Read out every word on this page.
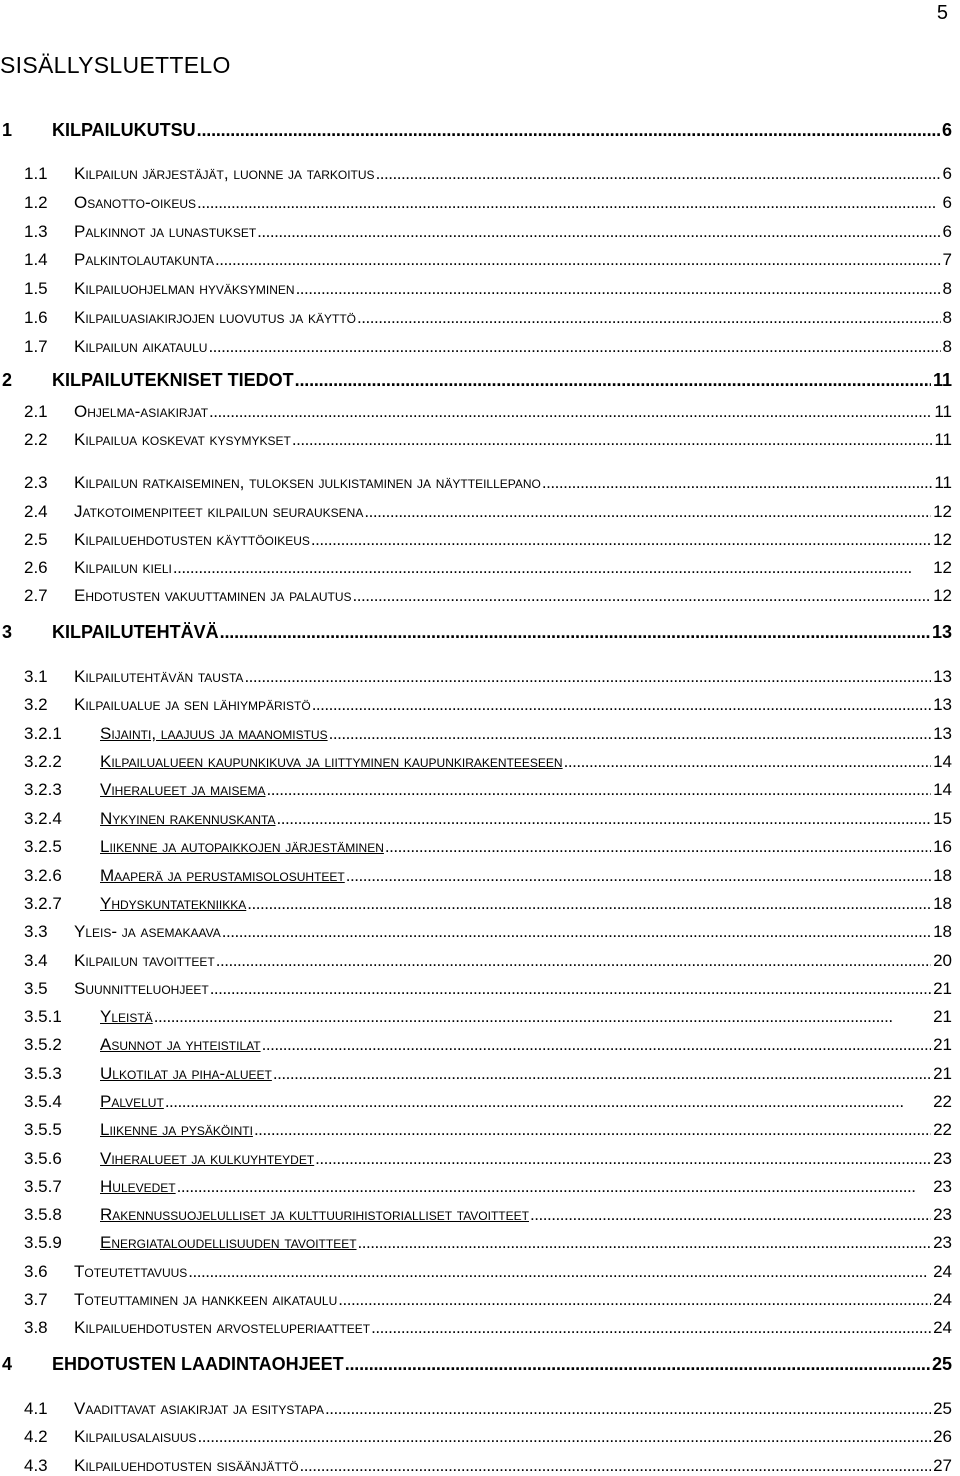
5
SISÄLLYSLUETTELO
1	KILPAILUKUTSU . . .	6
1.1	Kilpailun järjestäjät, luonne ja tarkoitus . . .	6
1.2	Osanotto-oikeus . . .	6
1.3	Palkinnot ja lunastukset . . .	6
1.4	Palkintolautakunta . . .	7
1.5	Kilpailuohjelman hyväksyminen . . .	8
1.6	Kilpailuasiakirjojen luovutus ja käyttö . . .	8
1.7	Kilpailun aikataulu . . .	8
2	KILPAILUTEKNISET TIEDOT . . .	11
2.1	Ohjelma-asiakirjat . . .	11
2.2	Kilpailua koskevat kysymykset . . .	11
2.3	Kilpailun ratkaiseminen, tuloksen julkistaminen ja näytteillepano . . .	11
2.4	Jatkotoimenpiteet kilpailun seurauksena . . .	12
2.5	Kilpailuehdotusten käyttöoikeus . . .	12
2.6	Kilpailun kieli . . .	12
2.7	Ehdotusten vakuuttaminen ja palautus . . .	12
3	KILPAILUTEHTÄVÄ . . .	13
3.1	Kilpailutehtävän tausta . . .	13
3.2	Kilpailualue ja sen lähiympäristö . . .	13
3.2.1	Sijainti, laajuus ja maanomistus . . .	13
3.2.2	Kilpailualueen kaupunkikuva ja liittyminen kaupunkirakenteeseen . . .	14
3.2.3	Viheralueet ja maisema . . .	14
3.2.4	Nykyinen rakennuskanta . . .	15
3.2.5	Liikenne ja autopaikkojen järjestäminen . . .	16
3.2.6	Maaperä ja perustamisolosuhteet . . .	18
3.2.7	Yhdyskuntatekniikka . . .	18
3.3	Yleis- ja asemakaava . . .	18
3.4	Kilpailun tavoitteet . . .	20
3.5	Suunnitteluohjeet . . .	21
3.5.1	Yleistä . . .	21
3.5.2	Asunnot ja yhteistilat . . .	21
3.5.3	Ulkotilat ja piha-alueet . . .	21
3.5.4	Palvelut . . .	22
3.5.5	Liikenne ja pysäköinti . . .	22
3.5.6	Viheralueet ja kulkuyhteydet . . .	23
3.5.7	Hulevedet . . .	23
3.5.8	Rakennussuojelulliset ja kulttuurihistorialliset tavoitteet . . .	23
3.5.9	Energiataloudellisuuden tavoitteet . . .	23
3.6	Toteutettavuus . . .	24
3.7	Toteuttaminen ja hankkeen aikataulu . . .	24
3.8	Kilpailuehdotusten arvosteluperiaatteet . . .	24
4	EHDOTUSTEN LAADINTAOHJEET . . .	25
4.1	Vaadittavat asiakirjat ja esitystapa . . .	25
4.2	Kilpailusalaisuus . . .	26
4.3	Kilpailuehdotusten sisäänjättö . . .	27
